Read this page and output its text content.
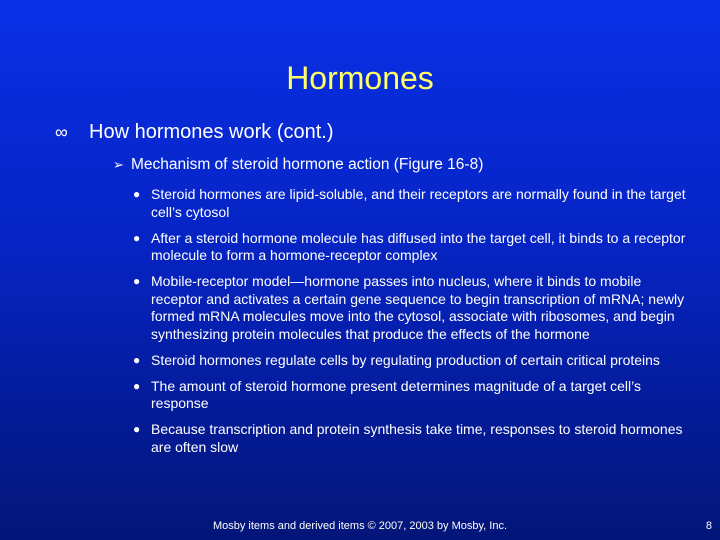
Hormones
∞	How hormones work (cont.)
➢ Mechanism of steroid hormone action (Figure 16-8)
● Steroid hormones are lipid-soluble, and their receptors are normally found in the target cell’s cytosol
● After a steroid hormone molecule has diffused into the target cell, it binds to a receptor molecule to form a hormone-receptor complex
● Mobile-receptor model—hormone passes into nucleus, where it binds to mobile receptor and activates a certain gene sequence to begin transcription of mRNA; newly formed mRNA molecules move into the cytosol, associate with ribosomes, and begin synthesizing protein molecules that produce the effects of the hormone
● Steroid hormones regulate cells by regulating production of certain critical proteins
● The amount of steroid hormone present determines magnitude of a target cell’s response
● Because transcription and protein synthesis take time, responses to steroid hormones are often slow
Mosby items and derived items © 2007, 2003 by Mosby, Inc.	8
